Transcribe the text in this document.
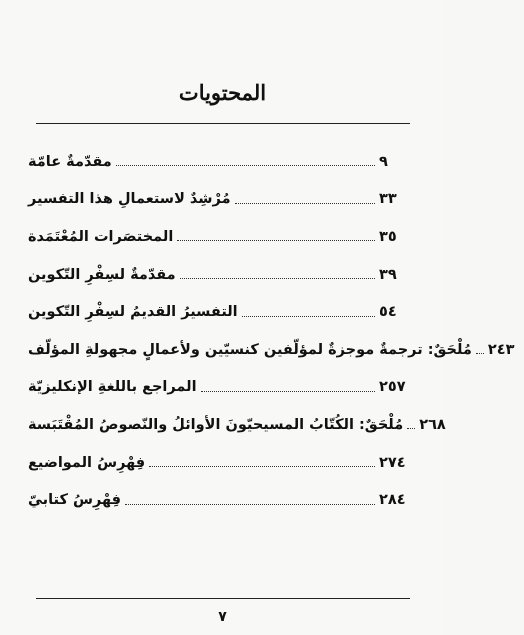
المحتويات
مقدّمةٌ عامّة	٩
مُرْشِدٌ لاستعمالِ هذا التفسير	٣٣
المختصَرات المُعْتَمَدة	٣٥
مقدّمةٌ لسِفْرِ التّكوين	٣٩
التفسيرُ القديمُ لسِفْرِ التّكوين	٥٤
مُلْحَقٌ: ترجمةٌ موجزةٌ لمؤلّفين كنسيّين ولأعمالٍ مجهولةِ المؤلّف ٢٤٣
المراجع باللغةِ الإنكليزيّة	٢٥٧
مُلْحَقٌ: الكُتّابُ المسيحيّونَ الأوائلُ والنّصوصُ المُقْتَبَسة ٢٦٨
فِهْرِسُ المواضيع	٢٧٤
فِهْرِسُ كتابيّ	٢٨٤
٧
